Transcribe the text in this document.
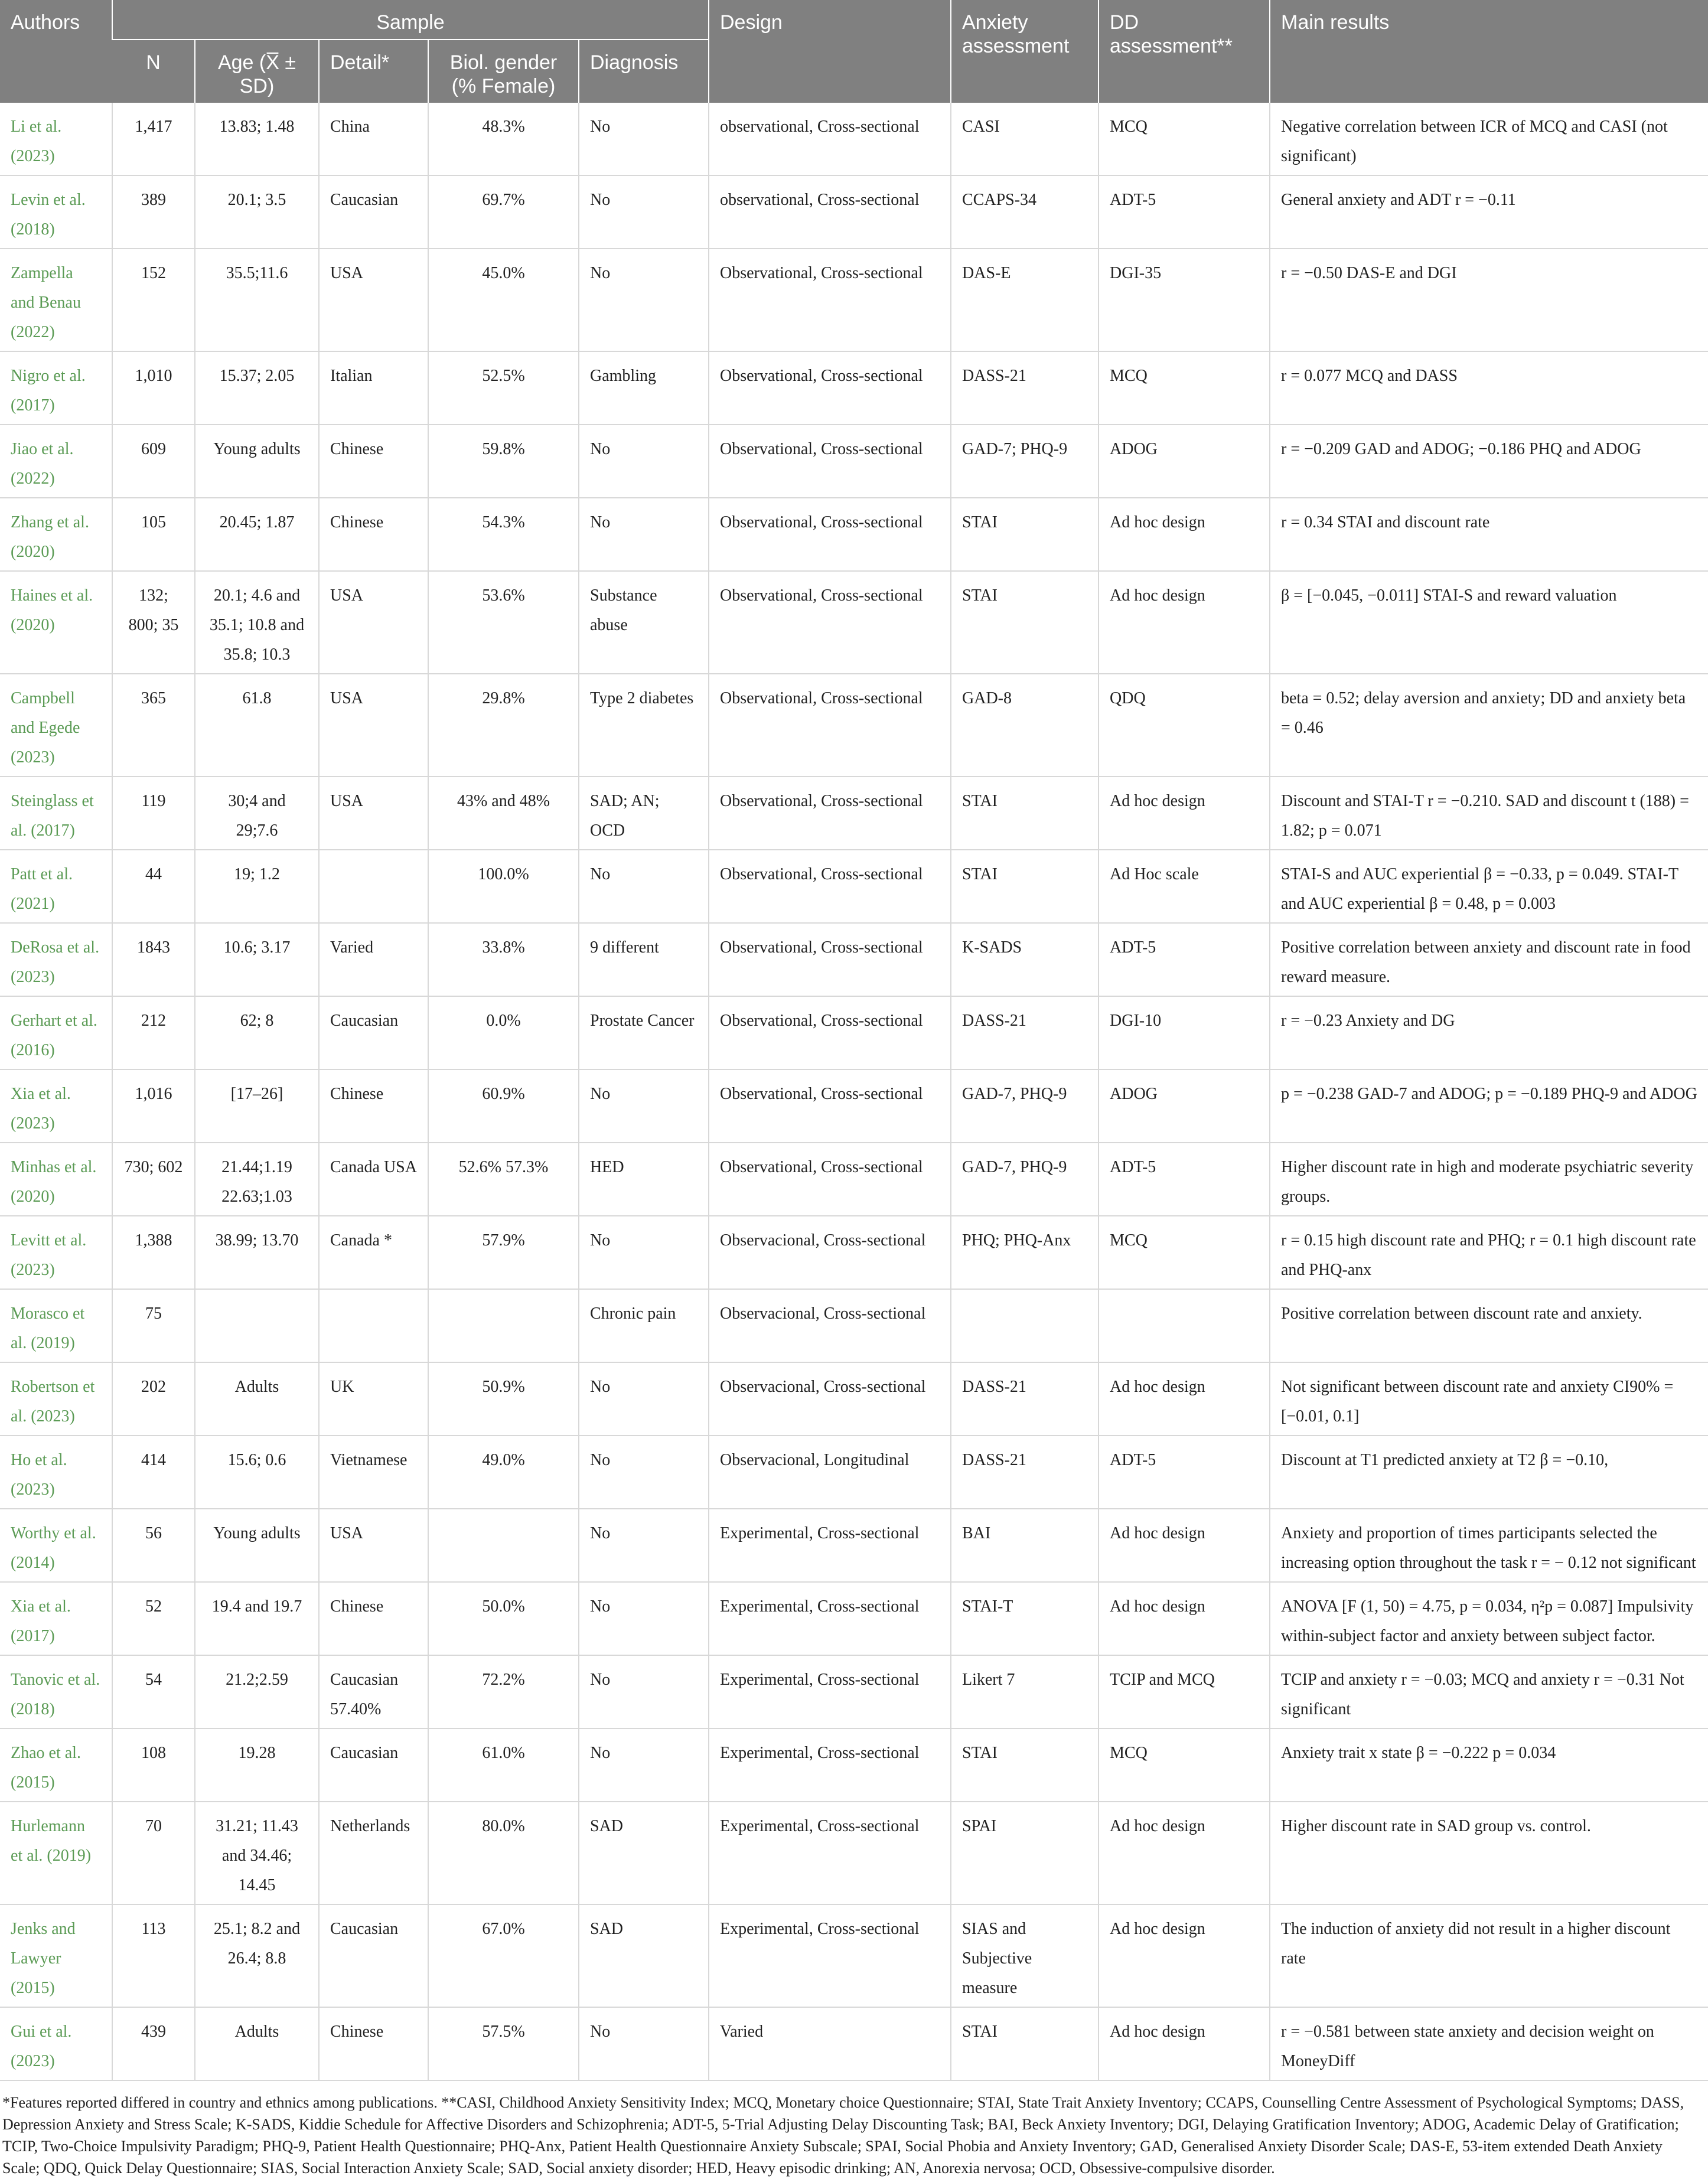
Authors	Sample					Design	Anxiety assessment	DD assessment**	Main results
	N	Age (X̅ ± SD)	Detail*	Biol. gender (% Female)	Diagnosis				
Li et al. (2023)	1,417	13.83; 1.48	China	48.3%	No	observational, Cross-sectional	CASI	MCQ	Negative correlation between ICR of MCQ and CASI (not significant)
Levin et al. (2018)	389	20.1; 3.5	Caucasian	69.7%	No	observational, Cross-sectional	CCAPS-34	ADT-5	General anxiety and ADT r = −0.11
Zampella and Benau (2022)	152	35.5;11.6	USA	45.0%	No	Observational, Cross-sectional	DAS-E	DGI-35	r = −0.50 DAS-E and DGI
Nigro et al. (2017)	1,010	15.37; 2.05	Italian	52.5%	Gambling	Observational, Cross-sectional	DASS-21	MCQ	r = 0.077 MCQ and DASS
Jiao et al. (2022)	609	Young adults	Chinese	59.8%	No	Observational, Cross-sectional	GAD-7; PHQ-9	ADOG	r = −0.209 GAD and ADOG; −0.186 PHQ and ADOG
Zhang et al. (2020)	105	20.45; 1.87	Chinese	54.3%	No	Observational, Cross-sectional	STAI	Ad hoc design	r = 0.34 STAI and discount rate
Haines et al. (2020)	132; 800; 35	20.1; 4.6 and 35.1; 10.8 and 35.8; 10.3	USA	53.6%	Substance abuse	Observational, Cross-sectional	STAI	Ad hoc design	β = [−0.045, −0.011] STAI-S and reward valuation
Campbell and Egede (2023)	365	61.8	USA	29.8%	Type 2 diabetes	Observational, Cross-sectional	GAD-8	QDQ	beta = 0.52; delay aversion and anxiety; DD and anxiety beta = 0.46
Steinglass et al. (2017)	119	30;4 and 29;7.6	USA	43% and 48%	SAD; AN; OCD	Observational, Cross-sectional	STAI	Ad hoc design	Discount and STAI-T r = −0.210. SAD and discount t (188) = 1.82; p = 0.071
Patt et al. (2021)	44	19; 1.2		100.0%	No	Observational, Cross-sectional	STAI	Ad Hoc scale	STAI-S and AUC experiential β = −0.33, p = 0.049. STAI-T and AUC experiential β = 0.48, p = 0.003
DeRosa et al. (2023)	1843	10.6; 3.17	Varied	33.8%	9 different	Observational, Cross-sectional	K-SADS	ADT-5	Positive correlation between anxiety and discount rate in food reward measure.
Gerhart et al. (2016)	212	62; 8	Caucasian	0.0%	Prostate Cancer	Observational, Cross-sectional	DASS-21	DGI-10	r = −0.23 Anxiety and DG
Xia et al. (2023)	1,016	[17–26]	Chinese	60.9%	No	Observational, Cross-sectional	GAD-7, PHQ-9	ADOG	p = −0.238 GAD-7 and ADOG; p = −0.189 PHQ-9 and ADOG
Minhas et al. (2020)	730; 602	21.44;1.19 22.63;1.03	Canada USA	52.6% 57.3%	HED	Observational, Cross-sectional	GAD-7, PHQ-9	ADT-5	Higher discount rate in high and moderate psychiatric severity groups.
Levitt et al. (2023)	1,388	38.99; 13.70	Canada *	57.9%	No	Observacional, Cross-sectional	PHQ; PHQ-Anx	MCQ	r = 0.15 high discount rate and PHQ; r = 0.1 high discount rate and PHQ-anx
Morasco et al. (2019)	75				Chronic pain	Observacional, Cross-sectional			Positive correlation between discount rate and anxiety.
Robertson et al. (2023)	202	Adults	UK	50.9%	No	Observacional, Cross-sectional	DASS-21	Ad hoc design	Not significant between discount rate and anxiety CI90% = [−0.01, 0.1]
Ho et al. (2023)	414	15.6; 0.6	Vietnamese	49.0%	No	Observacional, Longitudinal	DASS-21	ADT-5	Discount at T1 predicted anxiety at T2 β = −0.10,
Worthy et al. (2014)	56	Young adults	USA		No	Experimental, Cross-sectional	BAI	Ad hoc design	Anxiety and proportion of times participants selected the increasing option throughout the task r = − 0.12 not significant
Xia et al. (2017)	52	19.4 and 19.7	Chinese	50.0%	No	Experimental, Cross-sectional	STAI-T	Ad hoc design	ANOVA [F (1, 50) = 4.75, p = 0.034, η²p = 0.087] Impulsivity within-subject factor and anxiety between subject factor.
Tanovic et al. (2018)	54	21.2;2.59	Caucasian 57.40%	72.2%	No	Experimental, Cross-sectional	Likert 7	TCIP and MCQ	TCIP and anxiety r = −0.03; MCQ and anxiety r = −0.31 Not significant
Zhao et al. (2015)	108	19.28	Caucasian	61.0%	No	Experimental, Cross-sectional	STAI	MCQ	Anxiety trait x state β = −0.222 p = 0.034
Hurlemann et al. (2019)	70	31.21; 11.43 and 34.46; 14.45	Netherlands	80.0%	SAD	Experimental, Cross-sectional	SPAI	Ad hoc design	Higher discount rate in SAD group vs. control.
Jenks and Lawyer (2015)	113	25.1; 8.2 and 26.4; 8.8	Caucasian	67.0%	SAD	Experimental, Cross-sectional	SIAS and Subjective measure	Ad hoc design	The induction of anxiety did not result in a higher discount rate
Gui et al. (2023)	439	Adults	Chinese	57.5%	No	Varied	STAI	Ad hoc design	r = −0.581 between state anxiety and decision weight on MoneyDiff
*Features reported differed in country and ethnics among publications. **CASI, Childhood Anxiety Sensitivity Index; MCQ, Monetary choice Questionnaire; STAI, State Trait Anxiety Inventory; CCAPS, Counselling Centre Assessment of Psychological Symptoms; DASS, Depression Anxiety and Stress Scale; K-SADS, Kiddie Schedule for Affective Disorders and Schizophrenia; ADT-5, 5-Trial Adjusting Delay Discounting Task; BAI, Beck Anxiety Inventory; DGI, Delaying Gratification Inventory; ADOG, Academic Delay of Gratification; TCIP, Two-Choice Impulsivity Paradigm; PHQ-9, Patient Health Questionnaire; PHQ-Anx, Patient Health Questionnaire Anxiety Subscale; SPAI, Social Phobia and Anxiety Inventory; GAD, Generalised Anxiety Disorder Scale; DAS-E, 53-item extended Death Anxiety Scale; QDQ, Quick Delay Questionnaire; SIAS, Social Interaction Anxiety Scale; SAD, Social anxiety disorder; HED, Heavy episodic drinking; AN, Anorexia nervosa; OCD, Obsessive-compulsive disorder.
